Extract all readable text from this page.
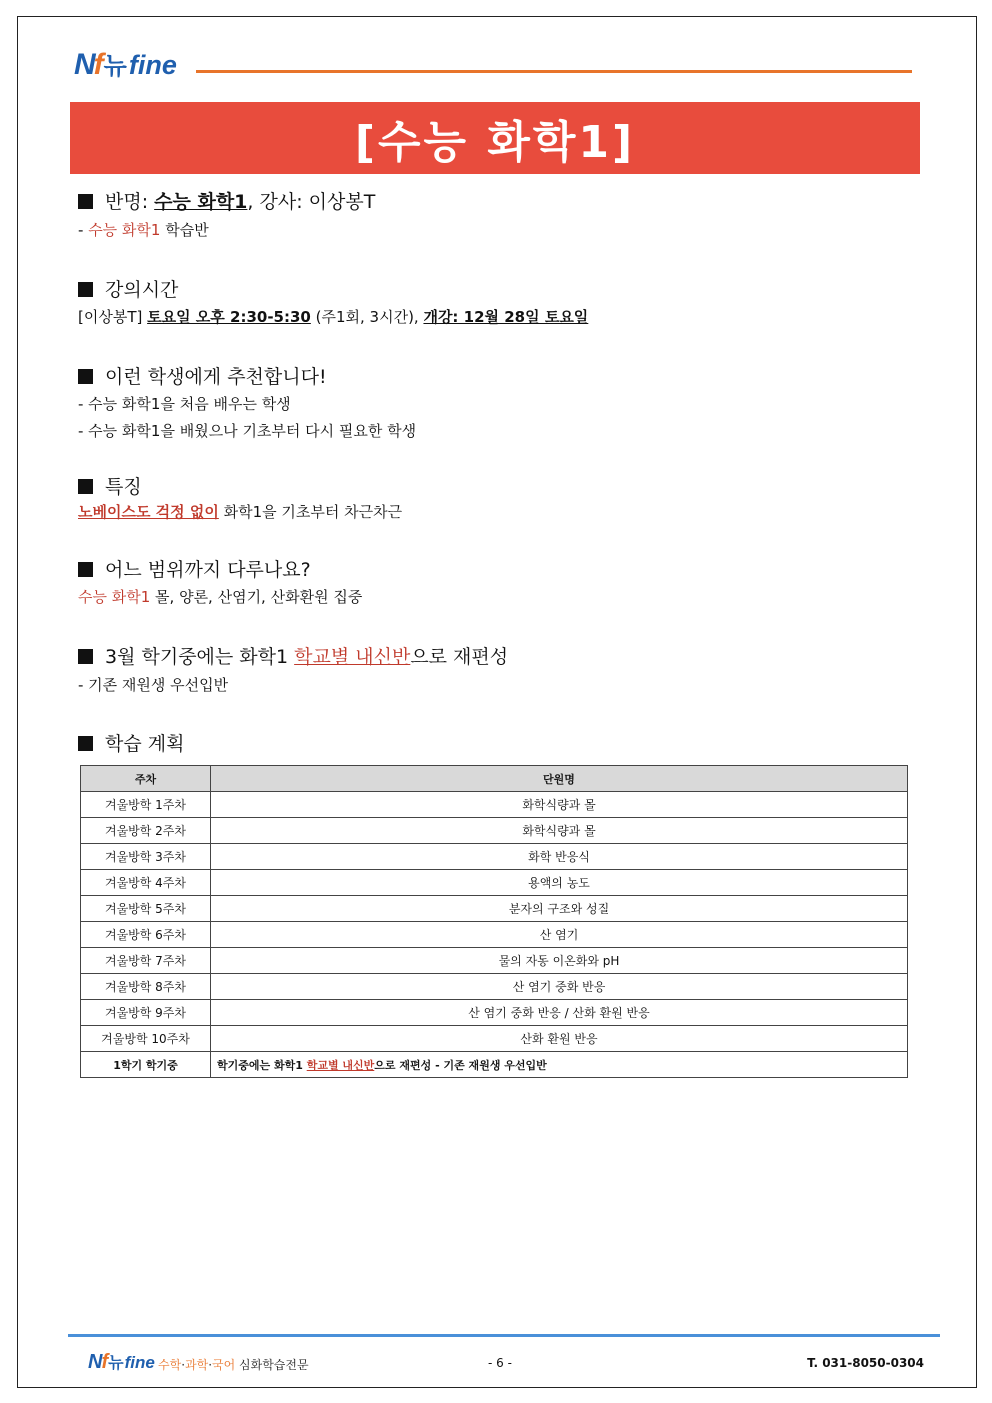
Nf 뉴 fine
[수능 화학1]
반명: 수능 화학1, 강사: 이상봉T
- 수능 화학1 학습반
강의시간
[이상봉T] 토요일 오후 2:30-5:30 (주1회, 3시간), 개강: 12월 28일 토요일
이런 학생에게 추천합니다!
- 수능 화학1을 처음 배우는 학생
- 수능 화학1을 배웠으나 기초부터 다시 필요한 학생
특징
노베이스도 걱정 없이 화학1을 기초부터 차근차근
어느 범위까지 다루나요?
수능 화학1 몰, 양론, 산염기, 산화환원 집중
3월 학기중에는 화학1 학교별 내신반으로 재편성
- 기존 재원생 우선입반
학습 계획
주차	단원명
겨울방학 1주차	화학식량과 몰
겨울방학 2주차	화학식량과 몰
겨울방학 3주차	화학 반응식
겨울방학 4주차	용액의 농도
겨울방학 5주차	분자의 구조와 성질
겨울방학 6주차	산 염기
겨울방학 7주차	물의 자동 이온화와 pH
겨울방학 8주차	산 염기 중화 반응
겨울방학 9주차	산 염기 중화 반응 / 산화 환원 반응
겨울방학 10주차	산화 환원 반응
1학기 학기중	학기중에는 화학1 학교별 내신반으로 재편성 - 기존 재원생 우선입반
Nf 뉴 fine 수학·과학·국어 심화학습전문	- 6 -	T. 031-8050-0304
